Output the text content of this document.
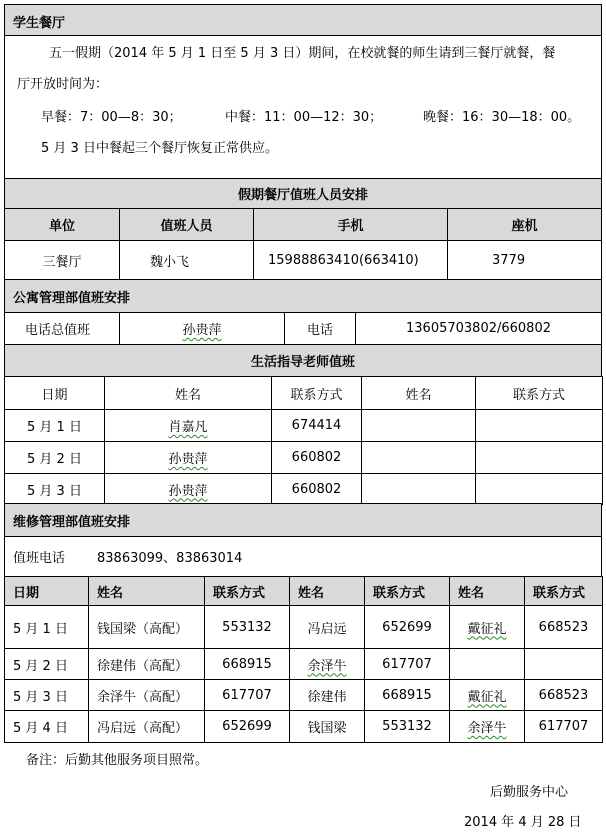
学生餐厅
五一假期（2014 年 5 月 1 日至 5 月 3 日）期间，在校就餐的师生请到三餐厅就餐，餐
厅开放时间为：
早餐：7：00—8：30；	中餐：11：00—12：30；	晚餐：16：30—18：00。
5 月 3 日中餐起三个餐厅恢复正常供应。
假期餐厅值班人员安排
单位	值班人员	手机	座机
三餐厅	魏小飞	15988863410(663410)	3779
公寓管理部值班安排
电话总值班	孙贵萍	电话	13605703802/660802
生活指导老师值班
日期	姓名	联系方式	姓名	联系方式
5 月 1 日	肖嘉凡	674414
5 月 2 日	孙贵萍	660802
5 月 3 日	孙贵萍	660802
维修管理部值班安排
值班电话 83863099、83863014
日期	姓名	联系方式	姓名	联系方式	姓名	联系方式
5 月 1 日 钱国梁（高配）	553132	冯启远	652699	戴征礼 668523
5 月 2 日 徐建伟（高配）	668915	余泽牛	617707
5 月 3 日 余泽牛（高配）	617707	徐建伟	668915	戴征礼 668523
5 月 4 日 冯启远（高配）	652699	钱国梁	553132	余泽牛 617707
备注：后勤其他服务项目照常。
后勤服务中心
2014 年 4 月 28 日
